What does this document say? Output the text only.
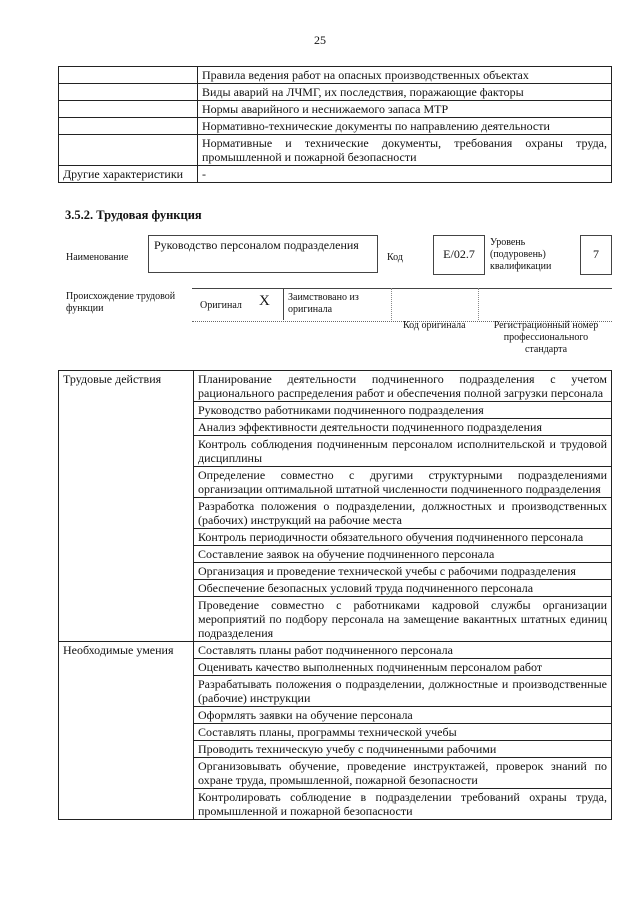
25
	Правила ведения работ на опасных производственных объектах
	Виды аварий на ЛЧМГ, их последствия, поражающие факторы
	Нормы аварийного и неснижаемого запаса МТР
	Нормативно-технические документы по направлению деятельности
	Нормативные и технические документы, требования охраны труда, промышленной и пожарной безопасности
Другие характеристики	-
3.5.2. Трудовая функция
Наименование
Руководство персоналом подразделения
Код	E/02.7
Уровень (подуровень) квалификации
7
Происхождение трудовой функции	Оригинал X Заимствовано из оригинала
Код оригинала	Регистрационный номер профессионального стандарта
Трудовые действия	Планирование деятельности подчиненного подразделения с учетом рационального распределения работ и обеспечения полной загрузки персонала
	Руководство работниками подчиненного подразделения
	Анализ эффективности деятельности подчиненного подразделения
	Контроль соблюдения подчиненным персоналом исполнительской и трудовой дисциплины
	Определение совместно с другими структурными подразделениями организации оптимальной штатной численности подчиненного подразделения
	Разработка положения о подразделении, должностных и производственных (рабочих) инструкций на рабочие места
	Контроль периодичности обязательного обучения подчиненного персонала
	Составление заявок на обучение подчиненного персонала
	Организация и проведение технической учебы с рабочими подразделения
	Обеспечение безопасных условий труда подчиненного персонала
	Проведение совместно с работниками кадровой службы организации мероприятий по подбору персонала на замещение вакантных штатных единиц подразделения
Необходимые умения	Составлять планы работ подчиненного персонала
	Оценивать качество выполненных подчиненным персоналом работ
	Разрабатывать положения о подразделении, должностные и производственные (рабочие) инструкции
	Оформлять заявки на обучение персонала
	Составлять планы, программы технической учебы
	Проводить техническую учебу с подчиненными рабочими
	Организовывать обучение, проведение инструктажей, проверок знаний по охране труда, промышленной, пожарной безопасности
	Контролировать соблюдение в подразделении требований охраны труда, промышленной и пожарной безопасности
